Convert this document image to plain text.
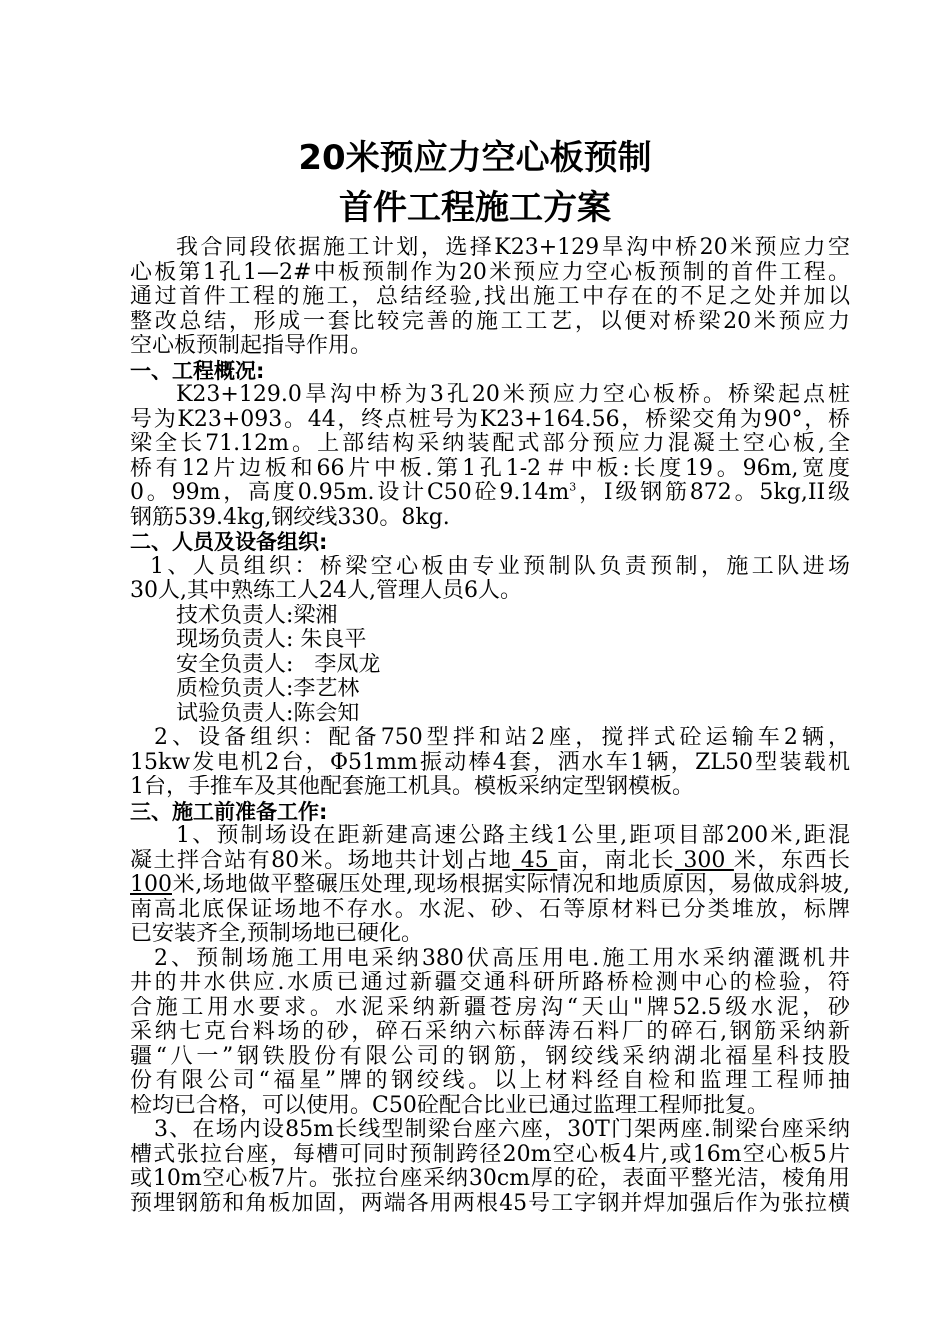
20米预应力空心板预制
首件工程施工方案
我合同段依据施工计划，选择K23+129旱沟中桥20米预应力空
心板第1孔1—2#中板预制作为20米预应力空心板预制的首件工程。
通过首件工程的施工，总结经验,找出施工中存在的不足之处并加以
整改总结，形成一套比较完善的施工工艺，以便对桥梁20米预应力
空心板预制起指导作用。
一、工程概况:
K23+129.0旱沟中桥为3孔20米预应力空心板桥。桥梁起点桩
号为K23+093。44，终点桩号为K23+164.56，桥梁交角为90°，桥
梁全长71.12m。上部结构采纳装配式部分预应力混凝土空心板,全
桥有12片边板和66片中板.第1孔1-2＃中板:长度19。96m,宽度
0。99m，高度0.95m.设计C50砼$9.14m^3$，I级钢筋872。5kg,II级
钢筋539.4kg,钢绞线330。8kg.
二、人员及设备组织:
1、人员组织：桥梁空心板由专业预制队负责预制，施工队进场
30人,其中熟练工人24人,管理人员6人。
技术负责人:梁湘
现场负责人: 朱良平
安全负责人:   李凤龙
质检负责人:李艺林
试验负责人:陈会知
2、设备组织：配备750型拌和站2座，搅拌式砼运输车2辆，
15kw发电机2台，Φ51mm振动棒4套，洒水车1辆，ZL50型装载机
1台，手推车及其他配套施工机具。模板采纳定型钢模板。
三、施工前准备工作:
1、预制场设在距新建高速公路主线1公里,距项目部200米,距混
凝土拌合站有80米。场地共计划占地 45 亩，南北长 300 米，东西长
100米,场地做平整碾压处理,现场根据实际情况和地质原因，易做成斜坡,
南高北底保证场地不存水。水泥、砂、石等原材料已分类堆放，标牌
已安装齐全,预制场地已硬化。
2、预制场施工用电采纳380伏高压用电.施工用水采纳灌溉机井
井的井水供应.水质已通过新疆交通科研所路桥检测中心的检验，符
合施工用水要求。水泥采纳新疆苍房沟“天山"牌52.5级水泥，砂
采纳七克台料场的砂，碎石采纳六标薛涛石料厂的碎石,钢筋采纳新
疆“八一”钢铁股份有限公司的钢筋，钢绞线采纳湖北福星科技股
份有限公司“福星”牌的钢绞线。以上材料经自检和监理工程师抽
检均已合格，可以使用。C50砼配合比业已通过监理工程师批复。
3、在场内设85m长线型制梁台座六座，30T门架两座.制梁台座采纳
槽式张拉台座，每槽可同时预制跨径20m空心板4片,或16m空心板5片
或10m空心板7片。张拉台座采纳30cm厚的砼，表面平整光洁，棱角用
预埋钢筋和角板加固，两端各用两根45号工字钢并焊加强后作为张拉横
